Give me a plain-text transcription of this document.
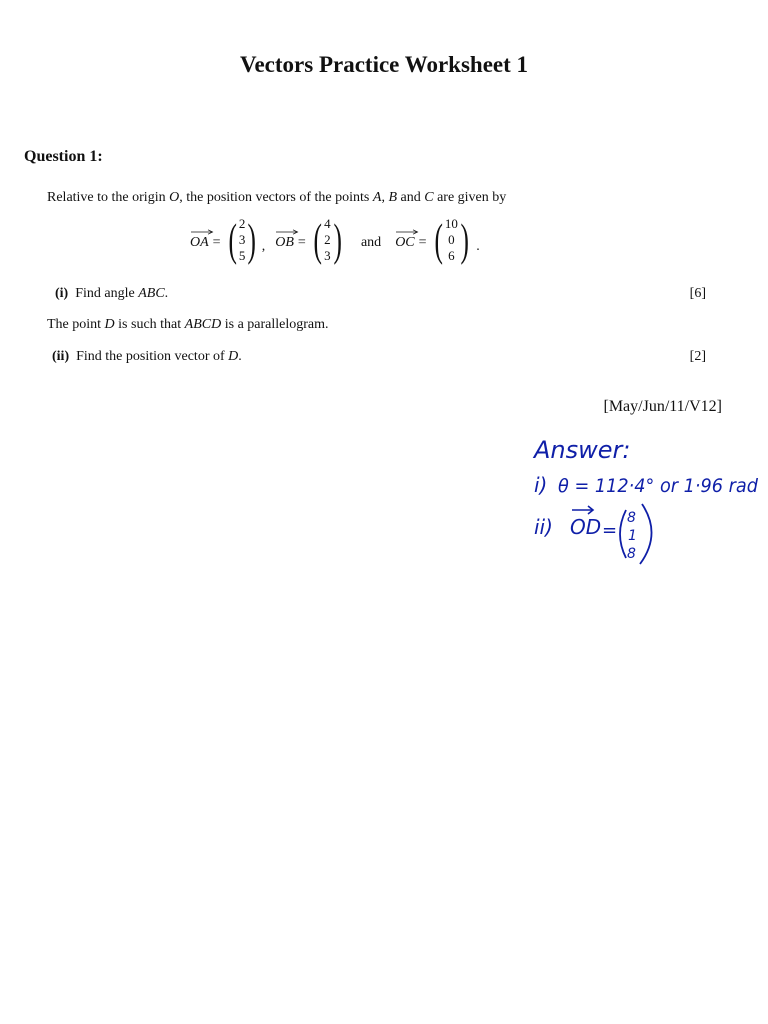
Vectors Practice Worksheet 1
Question 1:
Relative to the origin O, the position vectors of the points A, B and C are given by
OA = ( 2
3
5 ) , OB = ( 4
2
3 ) and OC = ( 10
0
6 ) .
(i) Find angle ABC.	[6]
The point D is such that ABCD is a parallelogram.
(ii) Find the position vector of D.	[2]
[May/Jun/11/V12]
Answer:
i) θ = 112·4° or 1·96 rad
ii) OD =
8
1
8
